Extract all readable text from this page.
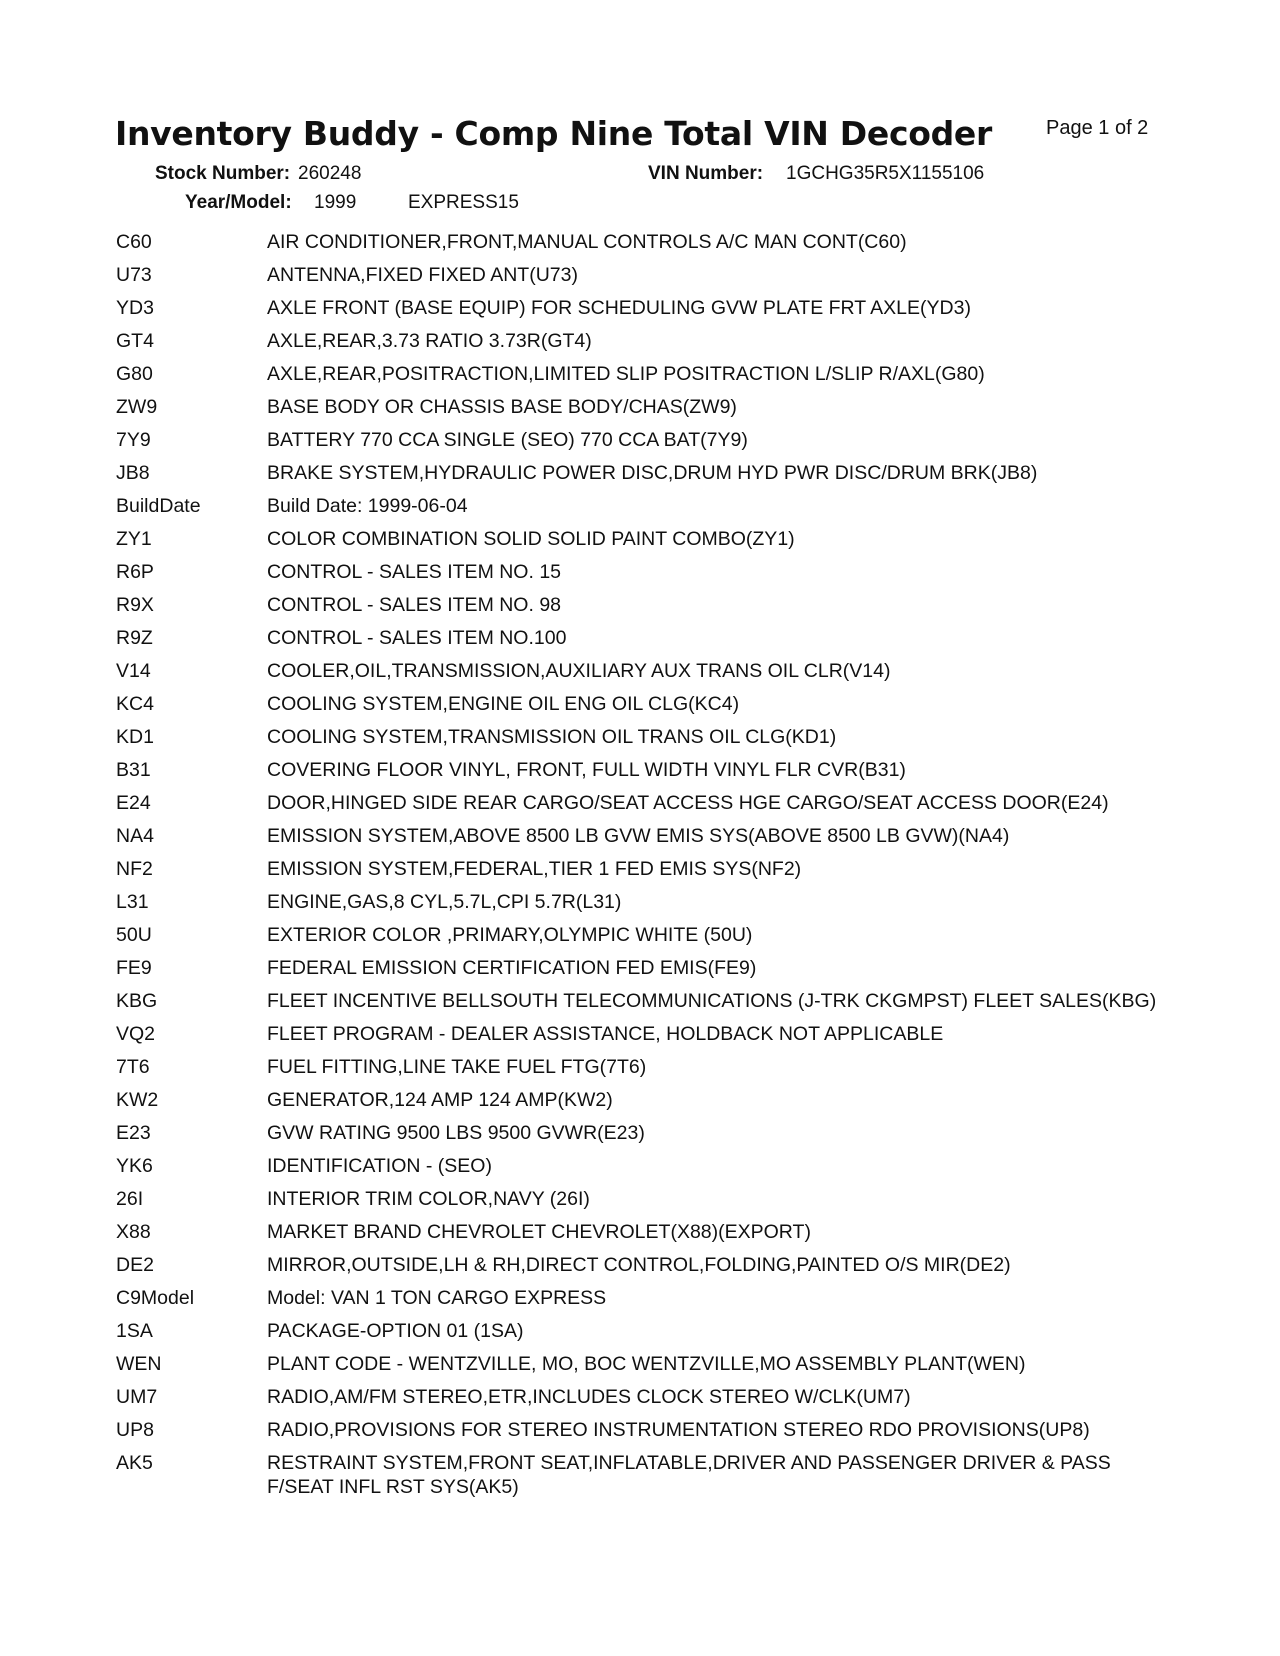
Inventory Buddy - Comp Nine Total VIN Decoder	Page 1 of 2
Stock Number: 260248	VIN Number: 1GCHG35R5X1155106
Year/Model: 1999	EXPRESS15
C60	AIR CONDITIONER,FRONT,MANUAL CONTROLS A/C MAN CONT(C60)
U73	ANTENNA,FIXED FIXED ANT(U73)
YD3	AXLE FRONT (BASE EQUIP) FOR SCHEDULING GVW PLATE FRT AXLE(YD3)
GT4	AXLE,REAR,3.73 RATIO 3.73R(GT4)
G80	AXLE,REAR,POSITRACTION,LIMITED SLIP POSITRACTION L/SLIP R/AXL(G80)
ZW9	BASE BODY OR CHASSIS BASE BODY/CHAS(ZW9)
7Y9	BATTERY 770 CCA SINGLE (SEO) 770 CCA BAT(7Y9)
JB8	BRAKE SYSTEM,HYDRAULIC POWER DISC,DRUM HYD PWR DISC/DRUM BRK(JB8)
BuildDate	Build Date: 1999-06-04
ZY1	COLOR COMBINATION SOLID SOLID PAINT COMBO(ZY1)
R6P	CONTROL - SALES ITEM NO. 15
R9X	CONTROL - SALES ITEM NO. 98
R9Z	CONTROL - SALES ITEM NO.100
V14	COOLER,OIL,TRANSMISSION,AUXILIARY AUX TRANS OIL CLR(V14)
KC4	COOLING SYSTEM,ENGINE OIL ENG OIL CLG(KC4)
KD1	COOLING SYSTEM,TRANSMISSION OIL TRANS OIL CLG(KD1)
B31	COVERING FLOOR VINYL, FRONT, FULL WIDTH VINYL FLR CVR(B31)
E24	DOOR,HINGED SIDE REAR CARGO/SEAT ACCESS HGE CARGO/SEAT ACCESS DOOR(E24)
NA4	EMISSION SYSTEM,ABOVE 8500 LB GVW EMIS SYS(ABOVE 8500 LB GVW)(NA4)
NF2	EMISSION SYSTEM,FEDERAL,TIER 1 FED EMIS SYS(NF2)
L31	ENGINE,GAS,8 CYL,5.7L,CPI 5.7R(L31)
50U	EXTERIOR COLOR ,PRIMARY,OLYMPIC WHITE (50U)
FE9	FEDERAL EMISSION CERTIFICATION FED EMIS(FE9)
KBG	FLEET INCENTIVE BELLSOUTH TELECOMMUNICATIONS (J-TRK CKGMPST) FLEET SALES(KBG)
VQ2	FLEET PROGRAM - DEALER ASSISTANCE, HOLDBACK NOT APPLICABLE
7T6	FUEL FITTING,LINE TAKE FUEL FTG(7T6)
KW2	GENERATOR,124 AMP 124 AMP(KW2)
E23	GVW RATING 9500 LBS 9500 GVWR(E23)
YK6	IDENTIFICATION - (SEO)
26I	INTERIOR TRIM COLOR,NAVY (26I)
X88	MARKET BRAND CHEVROLET CHEVROLET(X88)(EXPORT)
DE2	MIRROR,OUTSIDE,LH & RH,DIRECT CONTROL,FOLDING,PAINTED O/S MIR(DE2)
C9Model	Model: VAN 1 TON CARGO EXPRESS
1SA	PACKAGE-OPTION 01 (1SA)
WEN	PLANT CODE - WENTZVILLE, MO, BOC WENTZVILLE,MO ASSEMBLY PLANT(WEN)
UM7	RADIO,AM/FM STEREO,ETR,INCLUDES CLOCK STEREO W/CLK(UM7)
UP8	RADIO,PROVISIONS FOR STEREO INSTRUMENTATION STEREO RDO PROVISIONS(UP8)
AK5	RESTRAINT SYSTEM,FRONT SEAT,INFLATABLE,DRIVER AND PASSENGER DRIVER & PASS F/SEAT INFL RST SYS(AK5)
